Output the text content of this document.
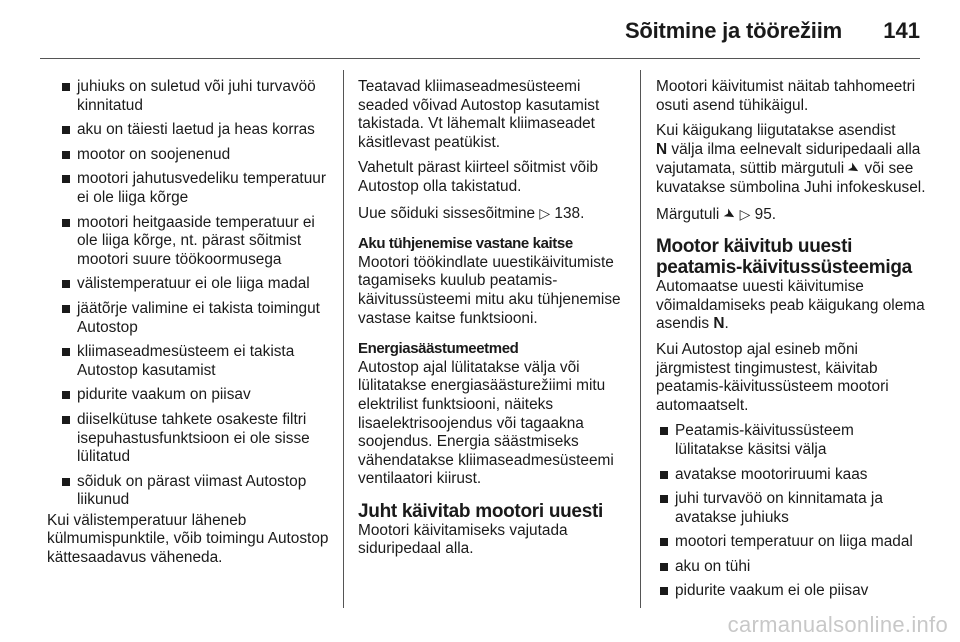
Sõitmine ja töörežiim 141
juhiuks on suletud või juhi turvavöö kinnitatud
aku on täiesti laetud ja heas korras
mootor on soojenenud
mootori jahutusvedeliku temperatuur ei ole liiga kõrge
mootori heitgaaside temperatuur ei ole liiga kõrge, nt. pärast sõitmist mootori suure töökoormusega
välistemperatuur ei ole liiga madal
jäätõrje valimine ei takista toimingut Autostop
kliimaseadmesüsteem ei takista Autostop kasutamist
pidurite vaakum on piisav
diiselkütuse tahkete osakeste filtri isepuhastusfunktsioon ei ole sisse lülitatud
sõiduk on pärast viimast Autostop liikunud

Kui välistemperatuur läheneb külmumispunktile, võib toimingu Autostop kättesaadavus väheneda.

Teatavad kliimaseadmesüsteemi seaded võivad Autostop kasutamist takistada. Vt lähemalt kliimaseadet käsitlevast peatükist.

Vahetult pärast kiirteel sõitmist võib Autostop olla takistatud.

Uue sõiduki sissesõitmine ▷ 138.

Aku tühjenemise vastane kaitse

Mootori töökindlate uuestikäivitumiste tagamiseks kuulub peatamis-käivitussüsteemi mitu aku tühjenemise vastase kaitse funktsiooni.

Energiasäästumeetmed

Autostop ajal lülitatakse välja või lülitatakse energiasäästurežiimi mitu elektrilist funktsiooni, näiteks lisaelektrisoojendus või tagaakna soojendus. Energia säästmiseks vähendatakse kliimaseadmesüsteemi ventilaatori kiirust.

Juht käivitab mootori uuesti

Mootori käivitamiseks vajutada siduripedaal alla.

Mootori käivitumist näitab tahhomeetri osuti asend tühikäigul.

Kui käigukang liigutatakse asendist
N välja ilma eelnevalt siduripedaali alla vajutamata, süttib märgutuli ➤ või see kuvatakse sümbolina Juhi infokeskusel.

Märgutuli ➤ ▷ 95.

Mootor käivitub uuesti peatamis-käivitussüsteemiga

Automaatse uuesti käivitumise võimaldamiseks peab käigukang olema asendis N.

Kui Autostop ajal esineb mõni järgmistest tingimustest, käivitab peatamis-käivitussüsteem mootori automaatselt.

Peatamis-käivitussüsteem lülitatakse käsitsi välja
avatakse mootoriruumi kaas
juhi turvavöö on kinnitamata ja avatakse juhiuks
mootori temperatuur on liiga madal
aku on tühi
pidurite vaakum ei ole piisav
carmanualsonline.info
